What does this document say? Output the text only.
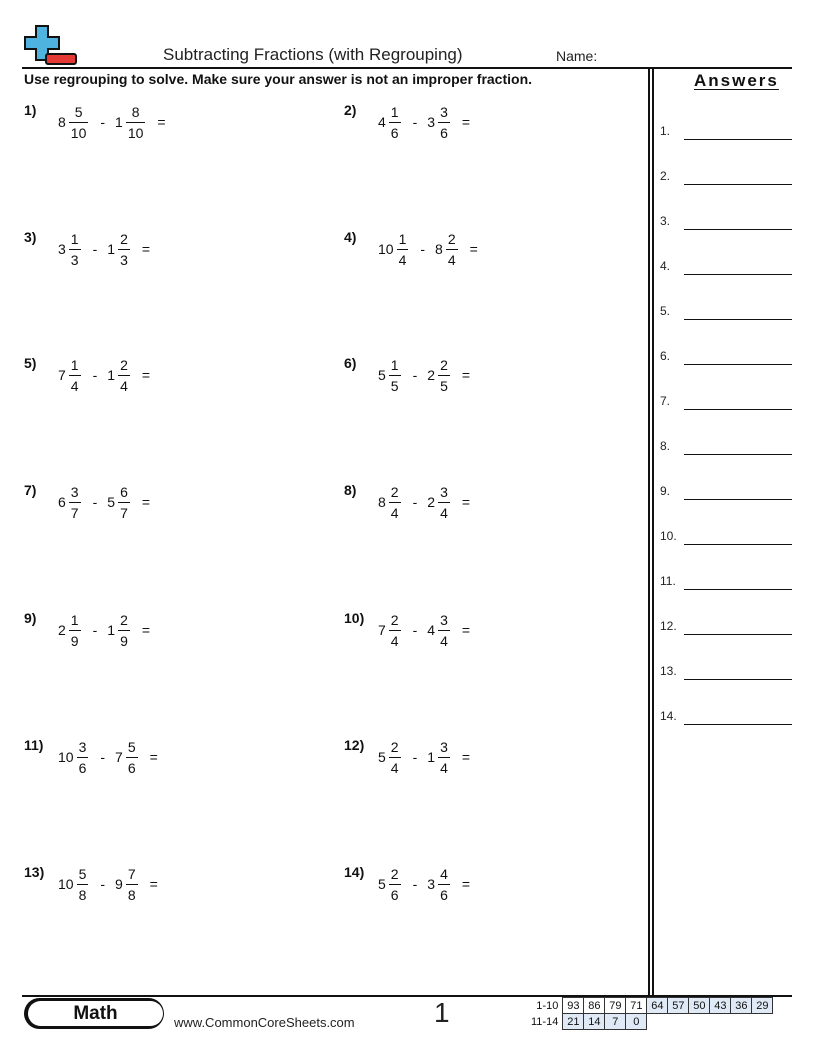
Subtracting Fractions (with Regrouping)	Name:
Use regrouping to solve. Make sure your answer is not an improper fraction.
1)
$8 \frac{5}{10} - 1 \frac{8}{10}$ =
2)
$4 \frac{1}{6} - 3 \frac{3}{6}$ =
3)
$3 \frac{1}{3} - 1 \frac{2}{3}$ =
4)
$10 \frac{1}{4} - 8 \frac{2}{4}$ =
5)
$7 \frac{1}{4} - 1 \frac{2}{4}$ =
6)
$5 \frac{1}{5} - 2 \frac{2}{5}$ =
7)
$6 \frac{3}{7} - 5 \frac{6}{7}$ =
8)
$8 \frac{2}{4} - 2 \frac{3}{4}$ =
9)
$2 \frac{1}{9} - 1 \frac{2}{9}$ =
10)
$7 \frac{2}{4} - 4 \frac{3}{4}$ =
11)
$10 \frac{3}{6} - 7 \frac{5}{6}$ =
12)
$5 \frac{2}{4} - 1 \frac{3}{4}$ =
13)
$10 \frac{5}{8} - 9 \frac{7}{8}$ =
14)
$5 \frac{2}{6} - 3 \frac{4}{6}$ =
Answers
1.
2.
3.
4.
5.
6.
7.
8.
9.
10.
11.
12.
13.
14.
Math	www.CommonCoreSheets.com	1	1-10	93	86	79	71	64	57	50	43	36	29
11-14	21	14	7	0						
